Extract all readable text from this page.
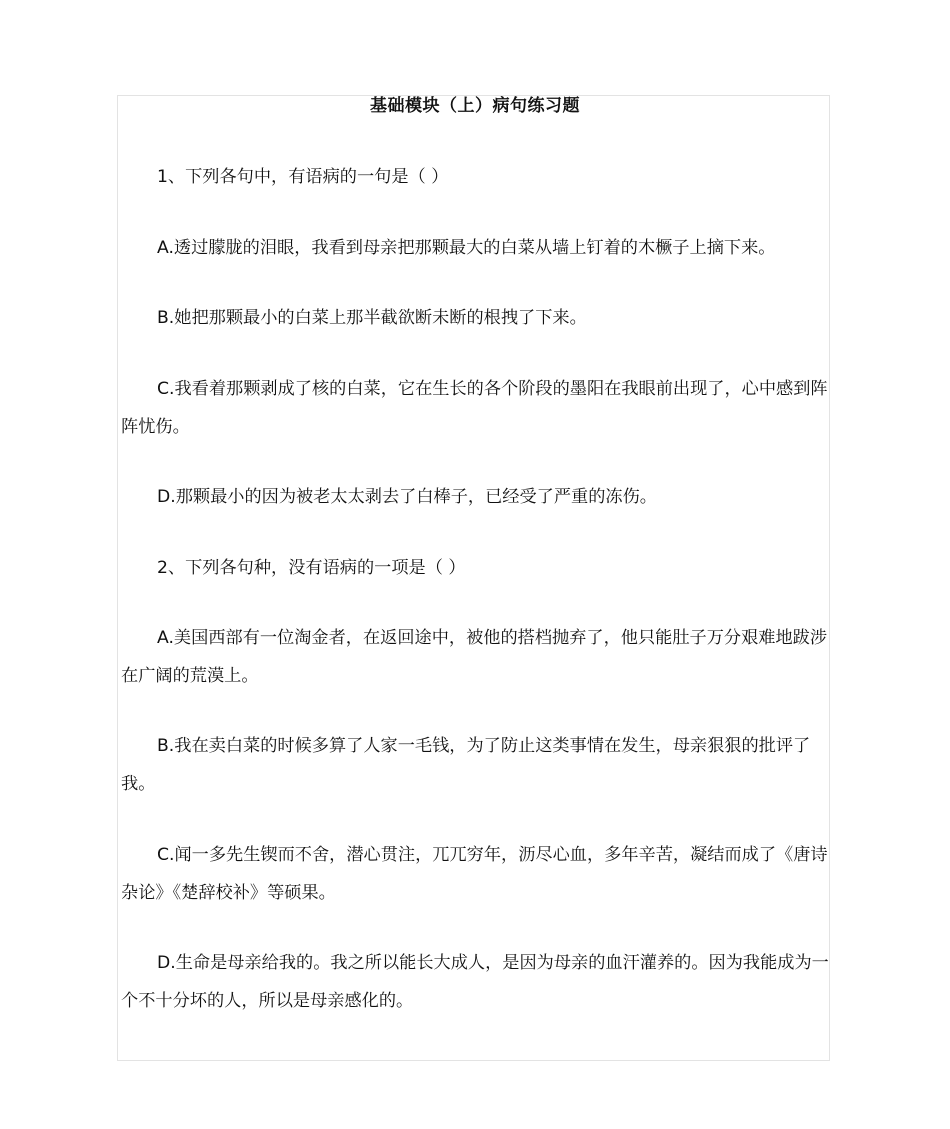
基础模块（上）病句练习题

1、下列各句中，有语病的一句是（ ）

A.透过朦胧的泪眼，我看到母亲把那颗最大的白菜从墙上钉着的木橛子上摘下来。

B.她把那颗最小的白菜上那半截欲断未断的根拽了下来。

C.我看着那颗剥成了核的白菜，它在生长的各个阶段的墨阳在我眼前出现了，心中感到阵阵忧伤。

D.那颗最小的因为被老太太剥去了白棒子，已经受了严重的冻伤。

2、下列各句种，没有语病的一项是（ ）

A.美国西部有一位淘金者，在返回途中，被他的搭档抛弃了，他只能肚子万分艰难地跋涉在广阔的荒漠上。

B.我在卖白菜的时候多算了人家一毛钱，为了防止这类事情在发生，母亲狠狠的批评了我。

C.闻一多先生锲而不舍，潜心贯注，兀兀穷年，沥尽心血，多年辛苦，凝结而成了《唐诗杂论》《楚辞校补》等硕果。

D.生命是母亲给我的。我之所以能长大成人，是因为母亲的血汗灌养的。因为我能成为一个不十分坏的人，所以是母亲感化的。
